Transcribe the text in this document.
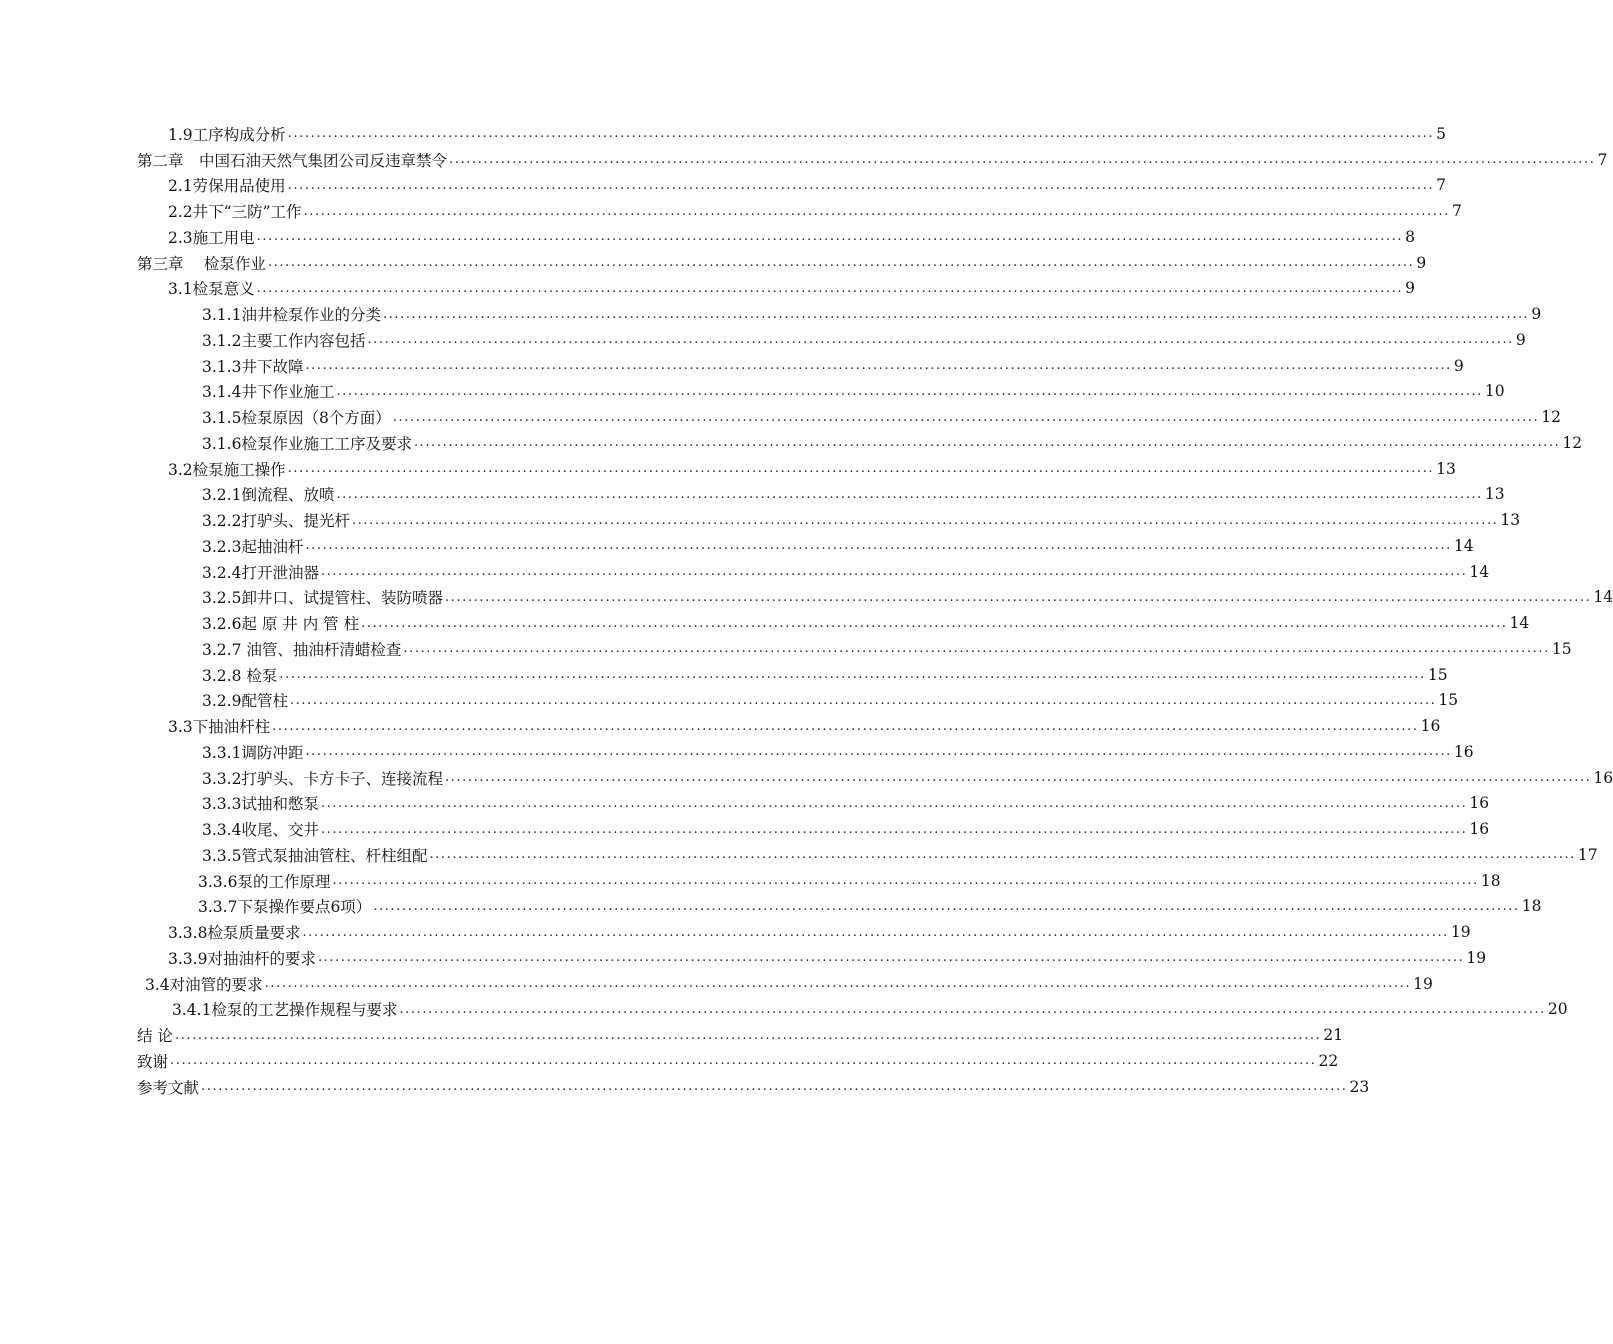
1.9工序构成分析 ........................................................................................................................................................................................................ 5
第二章　中国石油天然气集团公司反违章禁令 ........................................................................................................................................................................................................ 7
2.1劳保用品使用 ........................................................................................................................................................................................................ 7
2.2井下“三防”工作 ........................................................................................................................................................................................................ 7
2.3施工用电 ........................................................................................................................................................................................................ 8
第三章　 检泵作业 ........................................................................................................................................................................................................ 9
3.1检泵意义 ........................................................................................................................................................................................................ 9
3.1.1油井检泵作业的分类 ........................................................................................................................................................................................................ 9
3.1.2主要工作内容包括 ........................................................................................................................................................................................................ 9
3.1.3井下故障 ........................................................................................................................................................................................................ 9
3.1.4井下作业施工 ........................................................................................................................................................................................................ 10
3.1.5检泵原因（8个方面） ........................................................................................................................................................................................................ 12
3.1.6检泵作业施工工序及要求 ........................................................................................................................................................................................................ 12
3.2检泵施工操作 ........................................................................................................................................................................................................ 13
3.2.1倒流程、放喷 ........................................................................................................................................................................................................ 13
3.2.2打驴头、提光杆 ........................................................................................................................................................................................................ 13
3.2.3起抽油杆 ........................................................................................................................................................................................................ 14
3.2.4打开泄油器 ........................................................................................................................................................................................................ 14
3.2.5卸井口、试提管柱、装防喷器 ........................................................................................................................................................................................................ 14
3.2.6起 原 井 内 管 柱 ........................................................................................................................................................................................................ 14
3.2.7 油管、抽油杆清蜡检查 ........................................................................................................................................................................................................ 15
3.2.8 检泵 ........................................................................................................................................................................................................ 15
3.2.9配管柱 ........................................................................................................................................................................................................ 15
3.3下抽油杆柱 ........................................................................................................................................................................................................ 16
3.3.1调防冲距 ........................................................................................................................................................................................................ 16
3.3.2打驴头、卡方卡子、连接流程 ........................................................................................................................................................................................................ 16
3.3.3试抽和憋泵 ........................................................................................................................................................................................................ 16
3.3.4收尾、交井 ........................................................................................................................................................................................................ 16
3.3.5管式泵抽油管柱、杆柱组配 ........................................................................................................................................................................................................ 17
3.3.6泵的工作原理 ........................................................................................................................................................................................................ 18
3.3.7下泵操作要点6项） ........................................................................................................................................................................................................ 18
3.3.8检泵质量要求 ........................................................................................................................................................................................................ 19
3.3.9对抽油杆的要求 ........................................................................................................................................................................................................ 19
3.4对油管的要求 ........................................................................................................................................................................................................ 19
3.4.1检泵的工艺操作规程与要求 ........................................................................................................................................................................................................ 20
结 论 ........................................................................................................................................................................................................ 21
致谢 ........................................................................................................................................................................................................ 22
参考文献 ........................................................................................................................................................................................................ 23
